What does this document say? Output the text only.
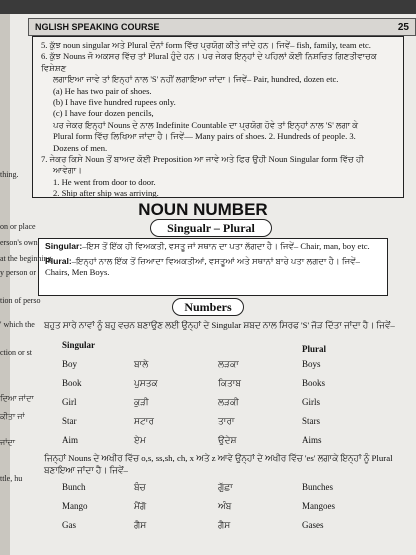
NGLISH SPEAKING COURSE	25

5. ਕੁੱਝ noun singular ਅਤੇ Plural ਦੋਨਾਂ form ਵਿੱਚ ਪ੍ਰਯੋਗ ਕੀਤੇ ਜਾਂਦੇ ਹਨ। ਜਿਵੇਂ– fish, family, team etc.

6. ਕੁੱਝ Nouns ਜੋ ਅਕਸਰ ਵਿੱਚ ਤਾਂ Plural ਹੁੰਦੇ ਹਨ। ਪਰ ਜੇਕਰ ਇਨ੍ਹਾਂ ਦੇ ਪਹਿਲਾਂ ਕੋਈ ਨਿਸ਼ਚਿਤ ਗਿਣਤੀਵਾਚਕ ਵਿਸ਼ੇਸ਼ਣ

ਲਗਾਇਆ ਜਾਵੇ ਤਾਂ ਇਨ੍ਹਾਂ ਨਾਲ 'S' ਨਹੀਂ ਲਗਾਇਆ ਜਾਂਦਾ। ਜਿਵੇਂ– Pair, hundred, dozen etc.

(a) He has two pair of shoes.

(b) I have five hundred rupees only.

(c) I have four dozen pencils,

ਪਰ ਜੇਕਰ ਇਨ੍ਹਾਂ Nouns ਦੇ ਨਾਲ Indefinite Countable ਦਾ ਪ੍ਰਯੋਗ ਹੋਵੇ ਤਾਂ ਇਨ੍ਹਾਂ ਨਾਲ 'S' ਲਗਾ ਕੇ

Plural form ਵਿੱਚ ਲਿਖਿਆ ਜਾਂਦਾ ਹੈ। ਜਿਵੇਂ— Many pairs of shoes. 2. Hundreds of people. 3.

Dozens of men.

7. ਜੇਕਰ ਕਿਸੇ Noun ਤੋਂ ਬਾਅਦ ਕੋਈ Preposition ਆ ਜਾਵੇ ਅਤੇ ਫਿਰ ਉਹੀ Noun Singular form ਵਿੱਚ ਹੀ

ਆਵੇਗਾ।

1. He went from door to door.

2. Ship after ship was arriving.

NOUN NUMBER
Singualr – Plural
Singular:–ਇਸ ਤੋਂ ਇੱਕ ਹੀ ਵਿਅਕਤੀ, ਵਸਤੂ ਜਾਂ ਸਥਾਨ ਦਾ ਪਤਾ ਲੱਗਦਾ ਹੈ। ਜਿਵੇਂ– Chair, man, boy etc.
Plural:–ਇਨ੍ਹਾਂ ਨਾਲ ਇੱਕ ਤੋਂ ਜ਼ਿਆਦਾ ਵਿਅਕਤੀਆਂ, ਵਸਤੂਆਂ ਅਤੇ ਸਥਾਨਾਂ ਬਾਰੇ ਪਤਾ ਲਗਦਾ ਹੈ। ਜਿਵੇਂ–Chairs, Men Boys.
Numbers
ਬਹੁਤ ਸਾਰੇ ਨਾਵਾਂ ਨੂੰ ਬਹੁ ਵਚਨ ਬਣਾਉਣ ਲਈ ਉਨ੍ਹਾਂ ਦੇ Singular ਸ਼ਬਦ ਨਾਲ ਸਿਰਫ 'S' ਜੋੜ ਦਿੱਤਾ ਜਾਂਦਾ ਹੈ। ਜਿਵੇਂ–
Singular	Plural
Boy	ਬਾਲੇ	ਲੜਕਾ	Boys
Book	ਪੁਸਤਕ	ਕਿਤਾਬ	Books
Girl	ਕੁੜੀ	ਲੜਕੀ	Girls
Star	ਸਟਾਰ	ਤਾਰਾ	Stars
Aim	ਏਮ	ਉਦੇਸ਼	Aims
ਜਿਨ੍ਹਾਂ Nouns ਦੇ ਅਖੀਰ ਵਿੱਚ o,s, ss,sh, ch, x ਅਤੇ z ਆਵੇ ਉਨ੍ਹਾਂ ਦੇ ਅਖੀਰ ਵਿੱਚ 'es' ਲਗਾਕੇ ਇਨ੍ਹਾਂ ਨੂੰ Plural ਬਣਾਇਆ ਜਾਂਦਾ ਹੈ। ਜਿਵੇਂ–
Bunch	ਬੰਚ	ਗੁੱਛਾ	Bunches
Mango	ਮੈਂਗੋ	ਅੰਬ	Mangoes
Gas	ਗੈਸ	ਗੈਸ	Gases
thing.
on or place
erson's own
at the beginning
y person or
tion of perso
' which the
ction or st
ਦਿਆ ਜਾਂਦਾ
ਕੀਤਾ ਜਾਂ
ਜਾਂਦਾ
ttle, hu
